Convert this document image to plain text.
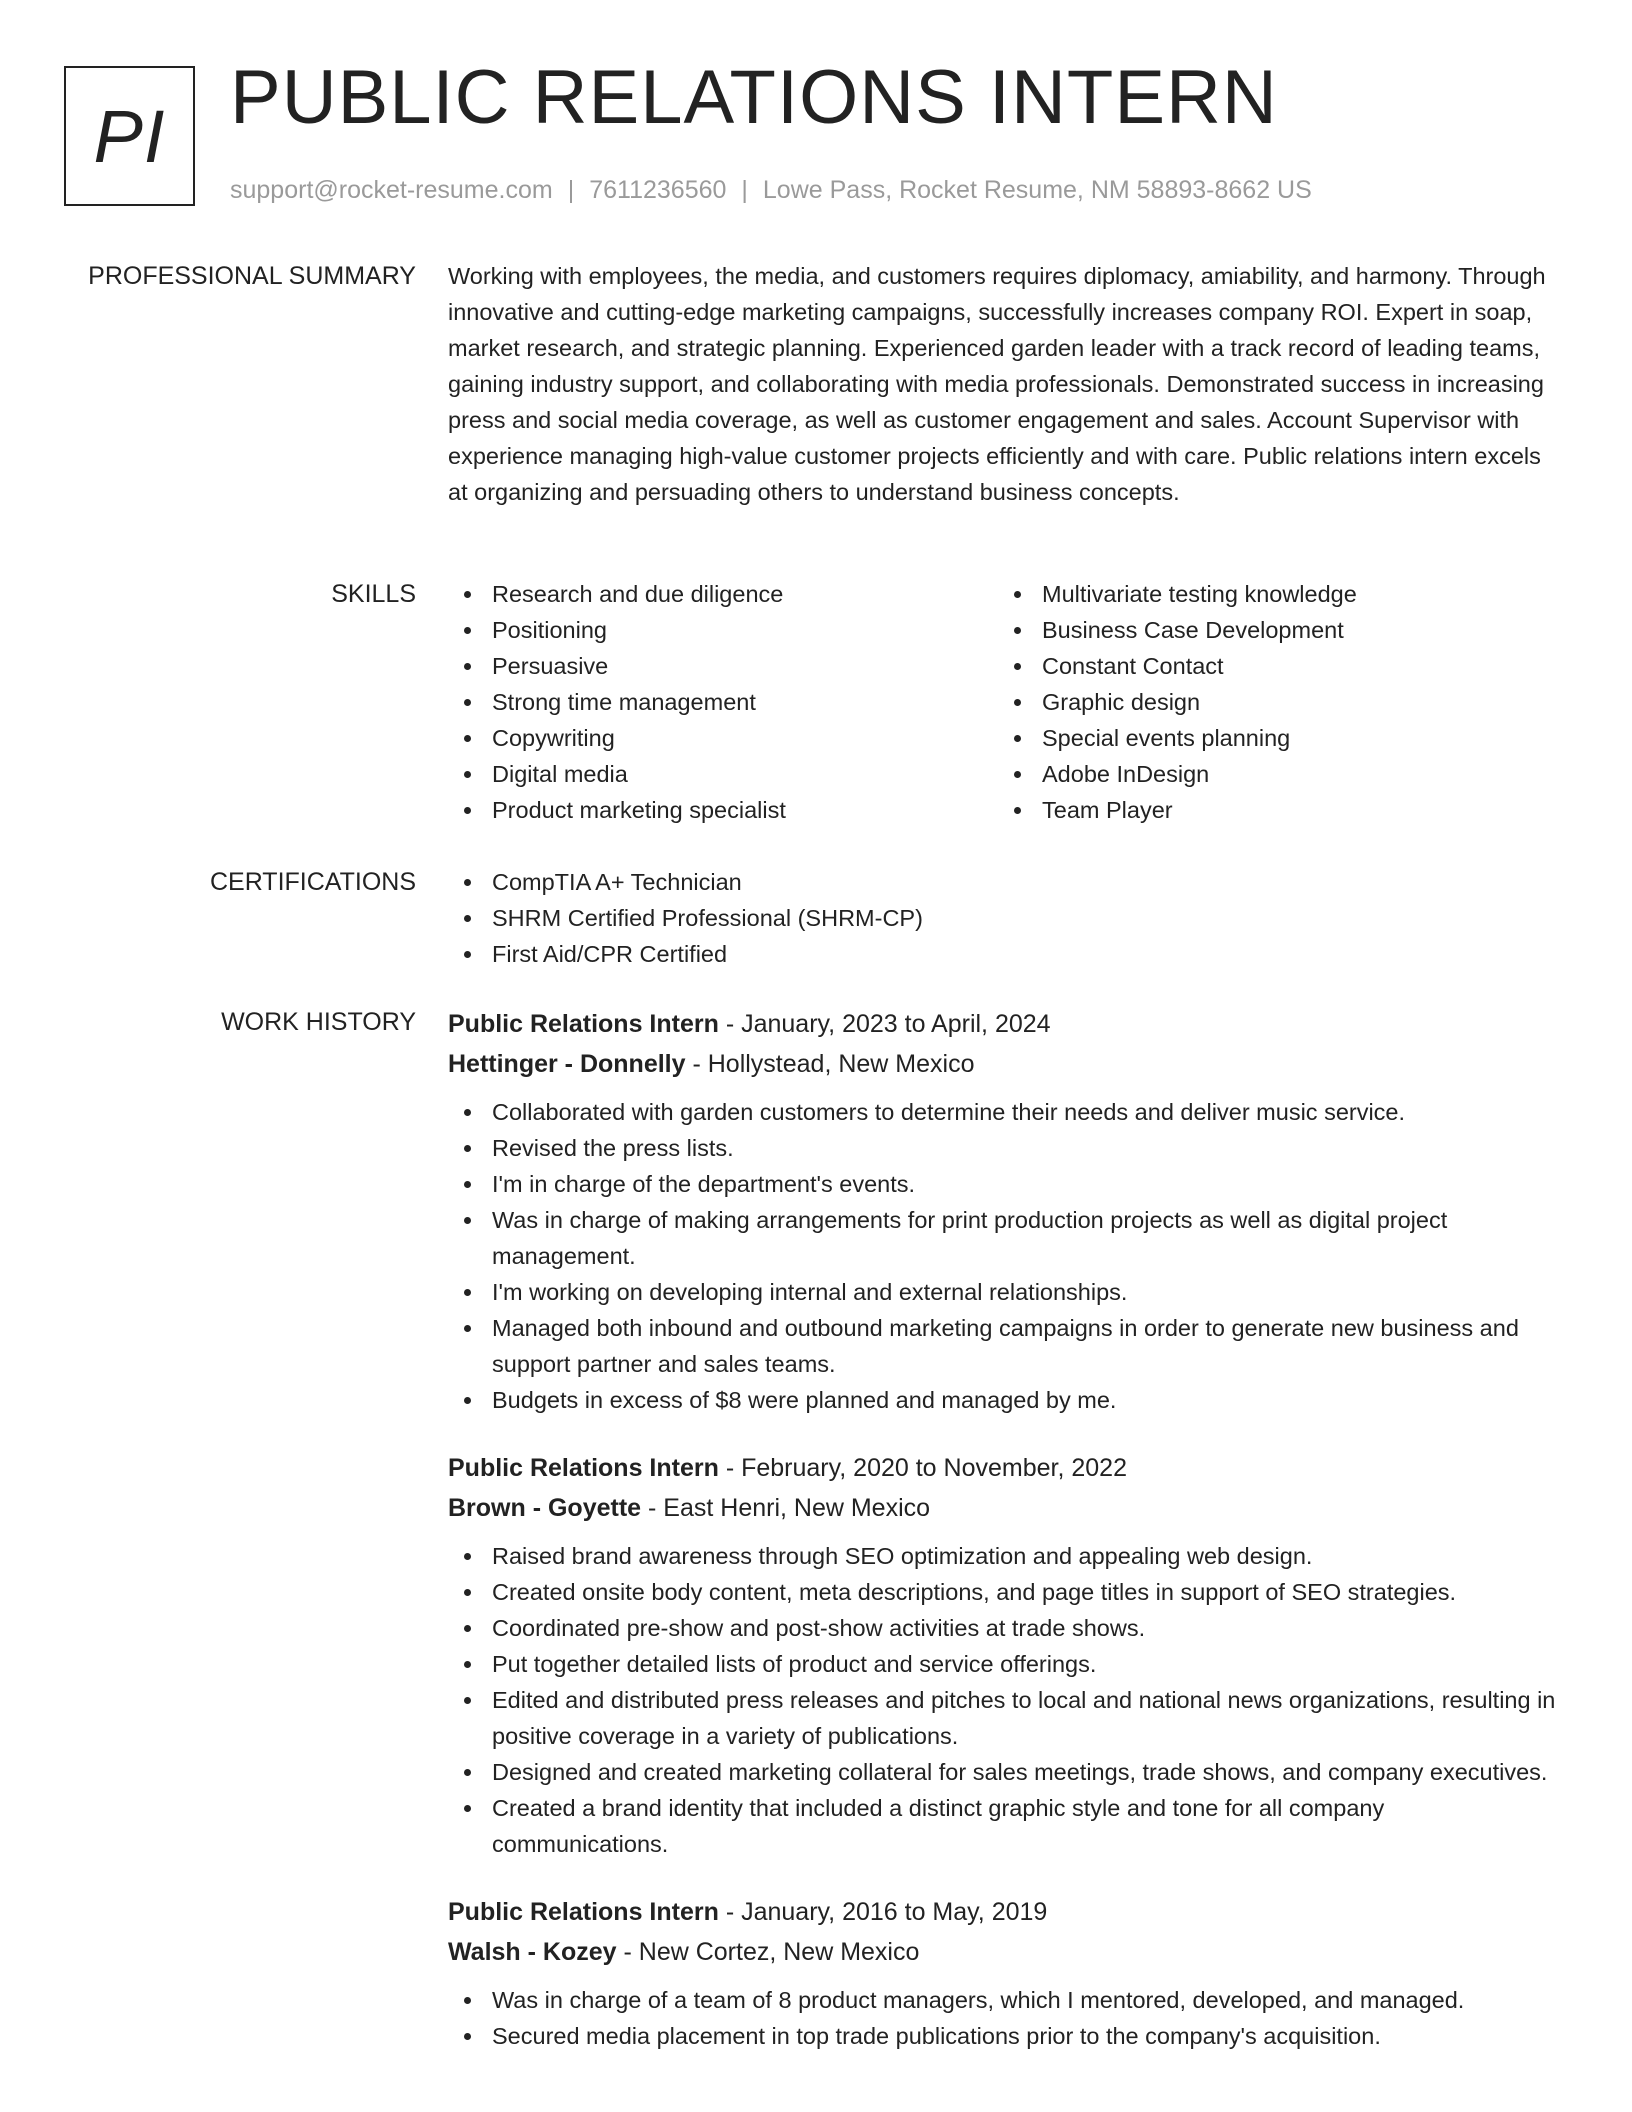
PI PUBLIC RELATIONS INTERN
support@rocket-resume.com | 7611236560 | Lowe Pass, Rocket Resume, NM 58893-8662 US
PROFESSIONAL SUMMARY Working with employees, the media, and customers requires diplomacy, amiability, and harmony. Through innovative and cutting-edge marketing campaigns, successfully increases company ROI. Expert in soap, market research, and strategic planning. Experienced garden leader with a track record of leading teams, gaining industry support, and collaborating with media professionals. Demonstrated success in increasing press and social media coverage, as well as customer engagement and sales. Account Supervisor with experience managing high-value customer projects efficiently and with care. Public relations intern excels at organizing and persuading others to understand business concepts.

SKILLS	Research and due diligence
Positioning
Persuasive
Strong time management
Copywriting
Digital media
Product marketing specialist
Multivariate testing knowledge
Business Case Development
Constant Contact
Graphic design
Special events planning
Adobe InDesign
Team Player
CERTIFICATIONS	CompTIA A+ Technician
SHRM Certified Professional (SHRM-CP)
First Aid/CPR Certified
WORK HISTORY Public Relations Intern - January, 2023 to April, 2024
Hettinger - Donnelly - Hollystead, New Mexico
Collaborated with garden customers to determine their needs and deliver music service.
Revised the press lists.
I'm in charge of the department's events.
Was in charge of making arrangements for print production projects as well as digital project management.
I'm working on developing internal and external relationships.
Managed both inbound and outbound marketing campaigns in order to generate new business and support partner and sales teams.
Budgets in excess of $8 were planned and managed by me.
Public Relations Intern - February, 2020 to November, 2022
Brown - Goyette - East Henri, New Mexico
Raised brand awareness through SEO optimization and appealing web design.
Created onsite body content, meta descriptions, and page titles in support of SEO strategies.
Coordinated pre-show and post-show activities at trade shows.
Put together detailed lists of product and service offerings.
Edited and distributed press releases and pitches to local and national news organizations, resulting in positive coverage in a variety of publications.
Designed and created marketing collateral for sales meetings, trade shows, and company executives.
Created a brand identity that included a distinct graphic style and tone for all company communications.
Public Relations Intern - January, 2016 to May, 2019
Walsh - Kozey - New Cortez, New Mexico
Was in charge of a team of 8 product managers, which I mentored, developed, and managed.
Secured media placement in top trade publications prior to the company's acquisition.
